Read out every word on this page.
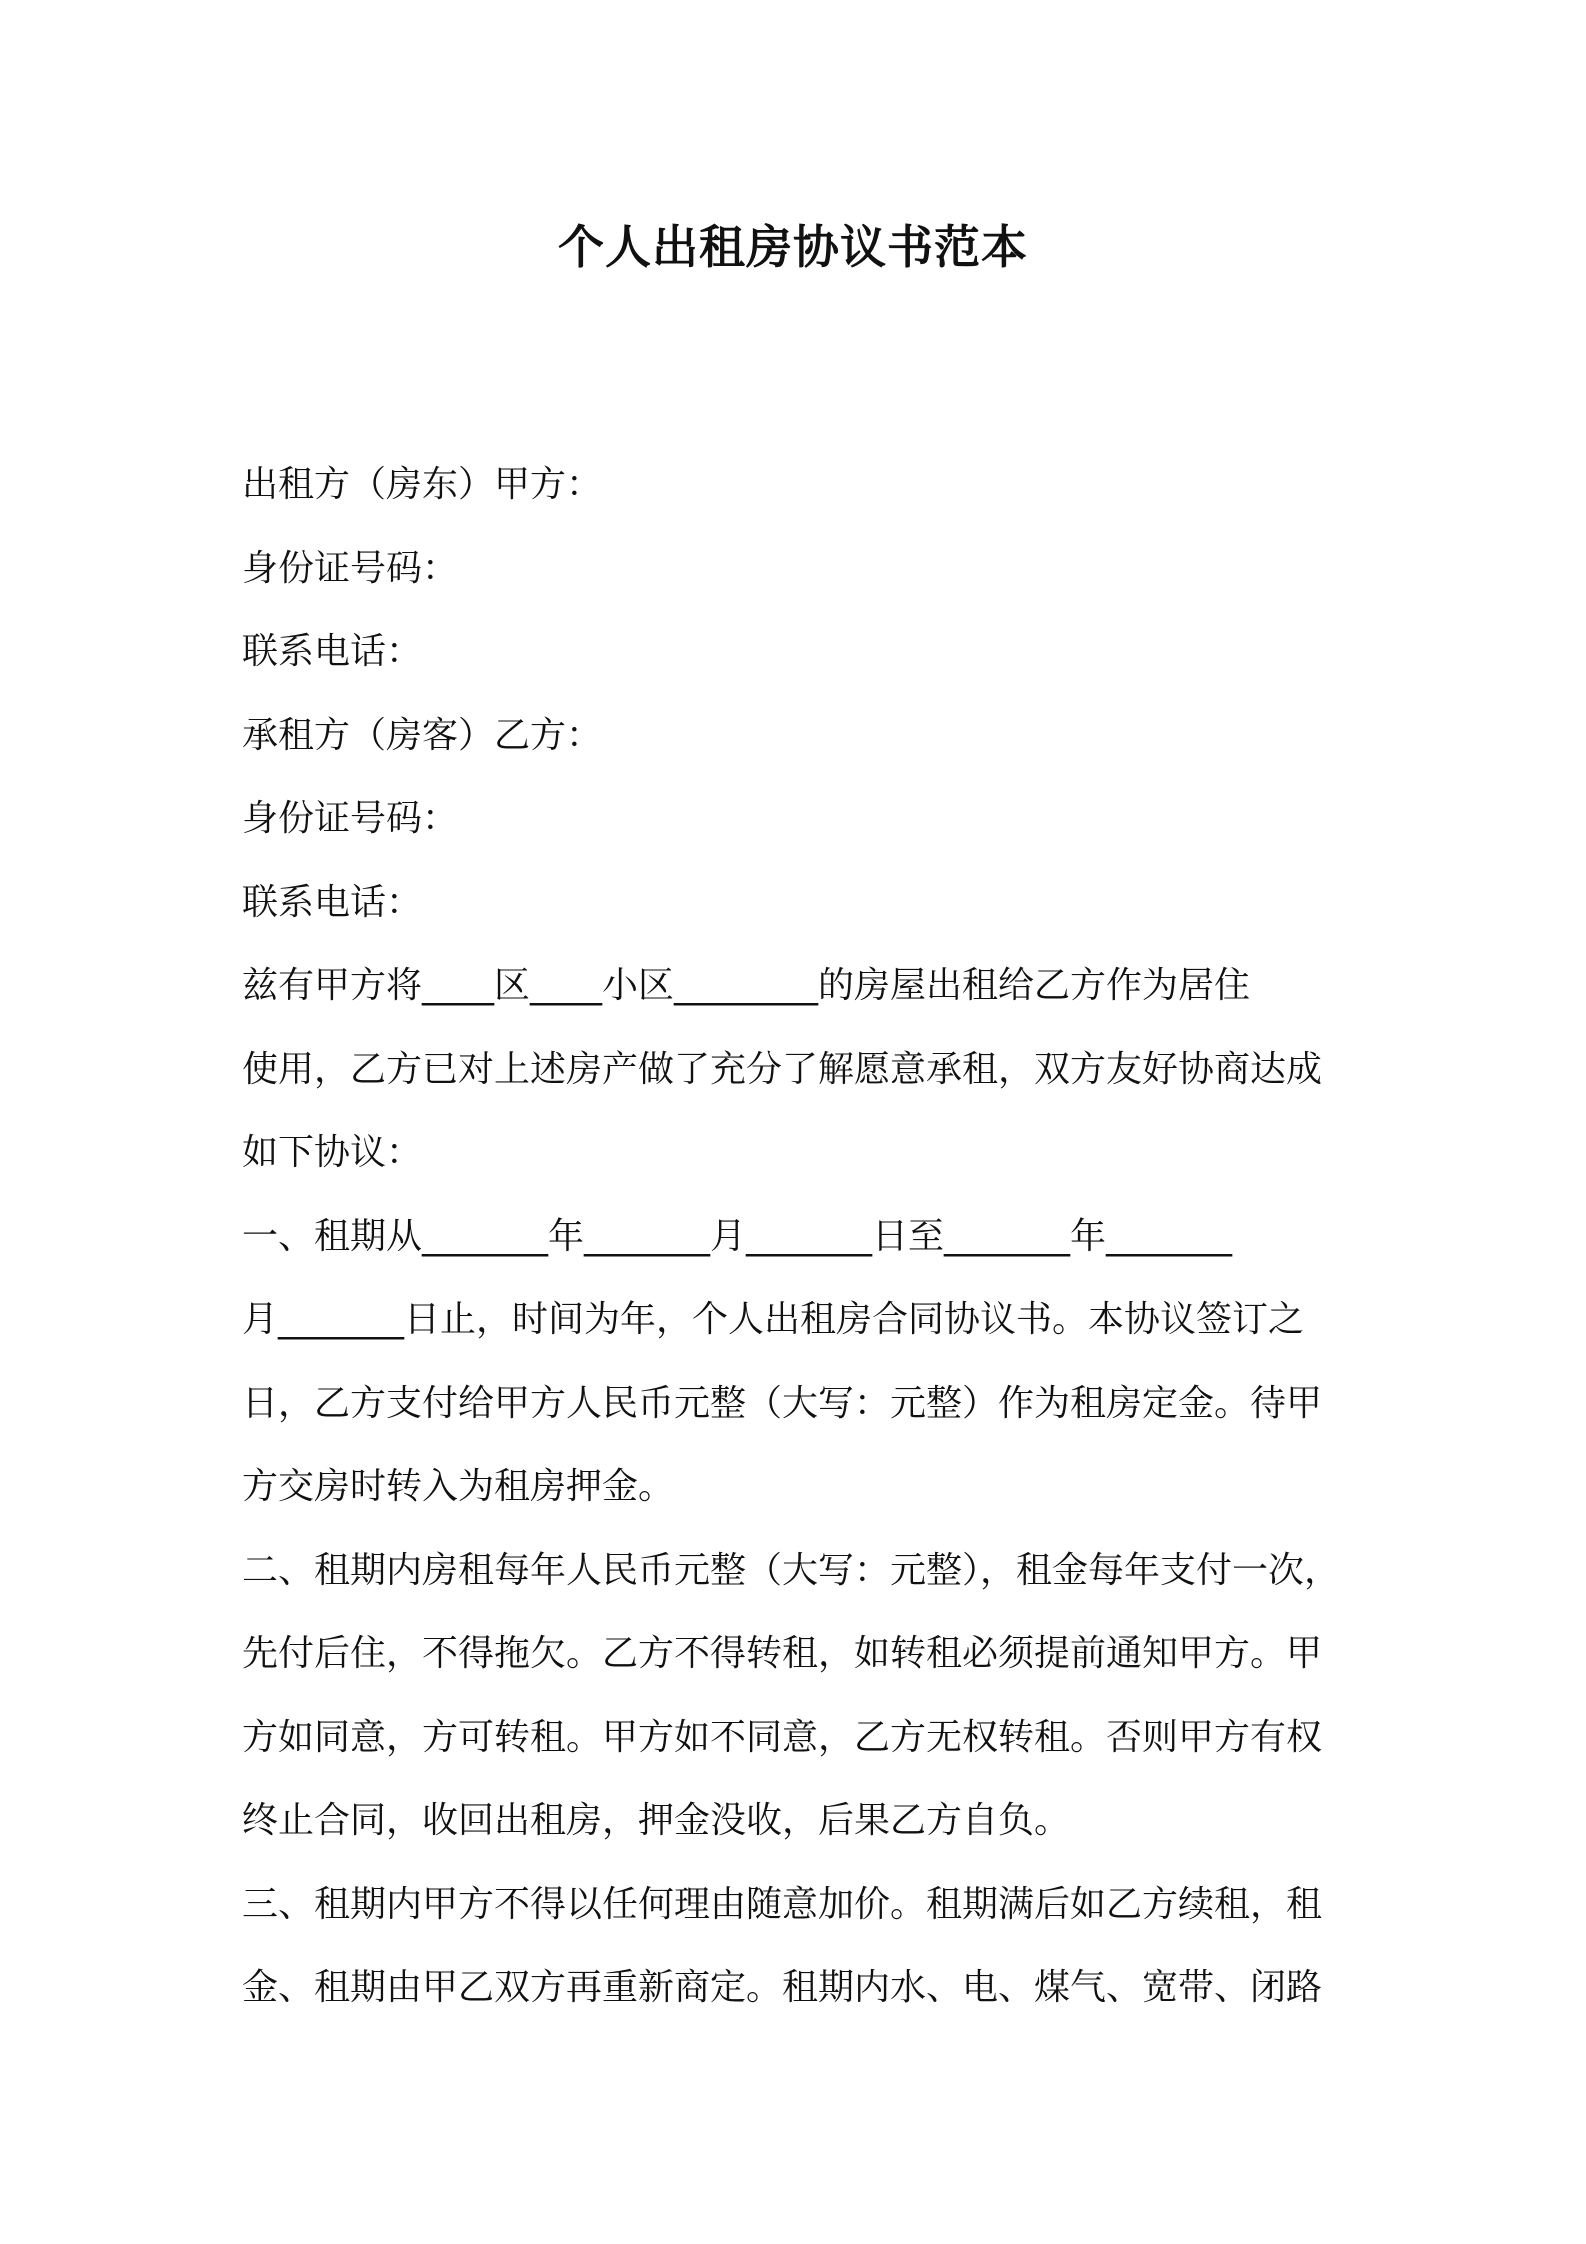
个人出租房协议书范本
出租方（房东）甲方：
身份证号码：
联系电话：
承租方（房客）乙方：
身份证号码：
联系电话：
兹有甲方将____区____小区________的房屋出租给乙方作为居住
使用，乙方已对上述房产做了充分了解愿意承租，双方友好协商达成
如下协议：
一、租期从_______年_______月_______日至_______年_______
月_______日止，时间为年，个人出租房合同协议书。本协议签订之
日，乙方支付给甲方人民币元整（大写：元整）作为租房定金。待甲
方交房时转入为租房押金。
二、租期内房租每年人民币元整（大写：元整），租金每年支付一次，
先付后住，不得拖欠。乙方不得转租，如转租必须提前通知甲方。甲
方如同意，方可转租。甲方如不同意，乙方无权转租。否则甲方有权
终止合同，收回出租房，押金没收，后果乙方自负。
三、租期内甲方不得以任何理由随意加价。租期满后如乙方续租，租
金、租期由甲乙双方再重新商定。租期内水、电、煤气、宽带、闭路
